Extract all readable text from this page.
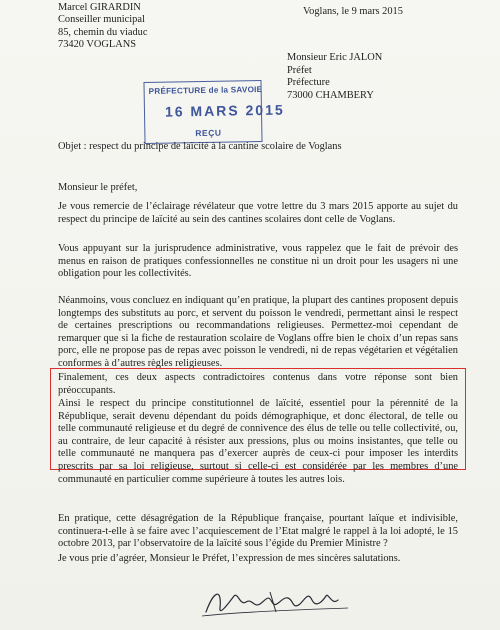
Marcel GIRARDIN
Conseiller municipal
85, chemin du viaduc
73420 VOGLANS
Voglans, le 9 mars 2015
Monsieur Eric JALON
Préfet
Préfecture
73000 CHAMBERY
PRÉFECTURE de la SAVOIE
16 MARS 2015
REÇU
Objet : respect du principe de laïcité à la cantine scolaire de Voglans
Monsieur le préfet,
Je vous remercie de l’éclairage révélateur que votre lettre du 3 mars 2015 apporte au sujet du respect du principe de laïcité au sein des cantines scolaires dont celle de Voglans.
Vous appuyant sur la jurisprudence administrative, vous rappelez que le fait de prévoir des menus en raison de pratiques confessionnelles ne constitue ni un droit pour les usagers ni une obligation pour les collectivités.
Néanmoins, vous concluez en indiquant qu’en pratique, la plupart des cantines proposent depuis longtemps des substituts au porc, et servent du poisson le vendredi, permettant ainsi le respect de certaines prescriptions ou recommandations religieuses. Permettez-moi cependant de remarquer que si la fiche de restauration scolaire de Voglans offre bien le choix d’un repas sans porc, elle ne propose pas de repas avec poisson le vendredi, ni de repas végétarien et végétalien conformes à d’autres règles religieuses.
Finalement, ces deux aspects contradictoires contenus dans votre réponse sont bien préoccupants.
Ainsi le respect du principe constitutionnel de laïcité, essentiel pour la pérennité de la République, serait devenu dépendant du poids démographique, et donc électoral, de telle ou telle communauté religieuse et du degré de connivence des élus de telle ou telle collectivité, ou, au contraire, de leur capacité à résister aux pressions, plus ou moins insistantes, que telle ou telle communauté ne manquera pas d’exercer auprès de ceux-ci pour imposer les interdits prescrits par sa loi religieuse, surtout si celle-ci est considérée par les membres d’une communauté en particulier comme supérieure à toutes les autres lois.
En pratique, cette désagrégation de la République française, pourtant laïque et indivisible, continuera-t-elle à se faire avec l’acquiescement de l’Etat malgré le rappel à la loi adopté, le 15 octobre 2013, par l’observatoire de la laïcité sous l’égide du Premier Ministre ?
Je vous prie d’agréer, Monsieur le Préfet, l’expression de mes sincères salutations.
